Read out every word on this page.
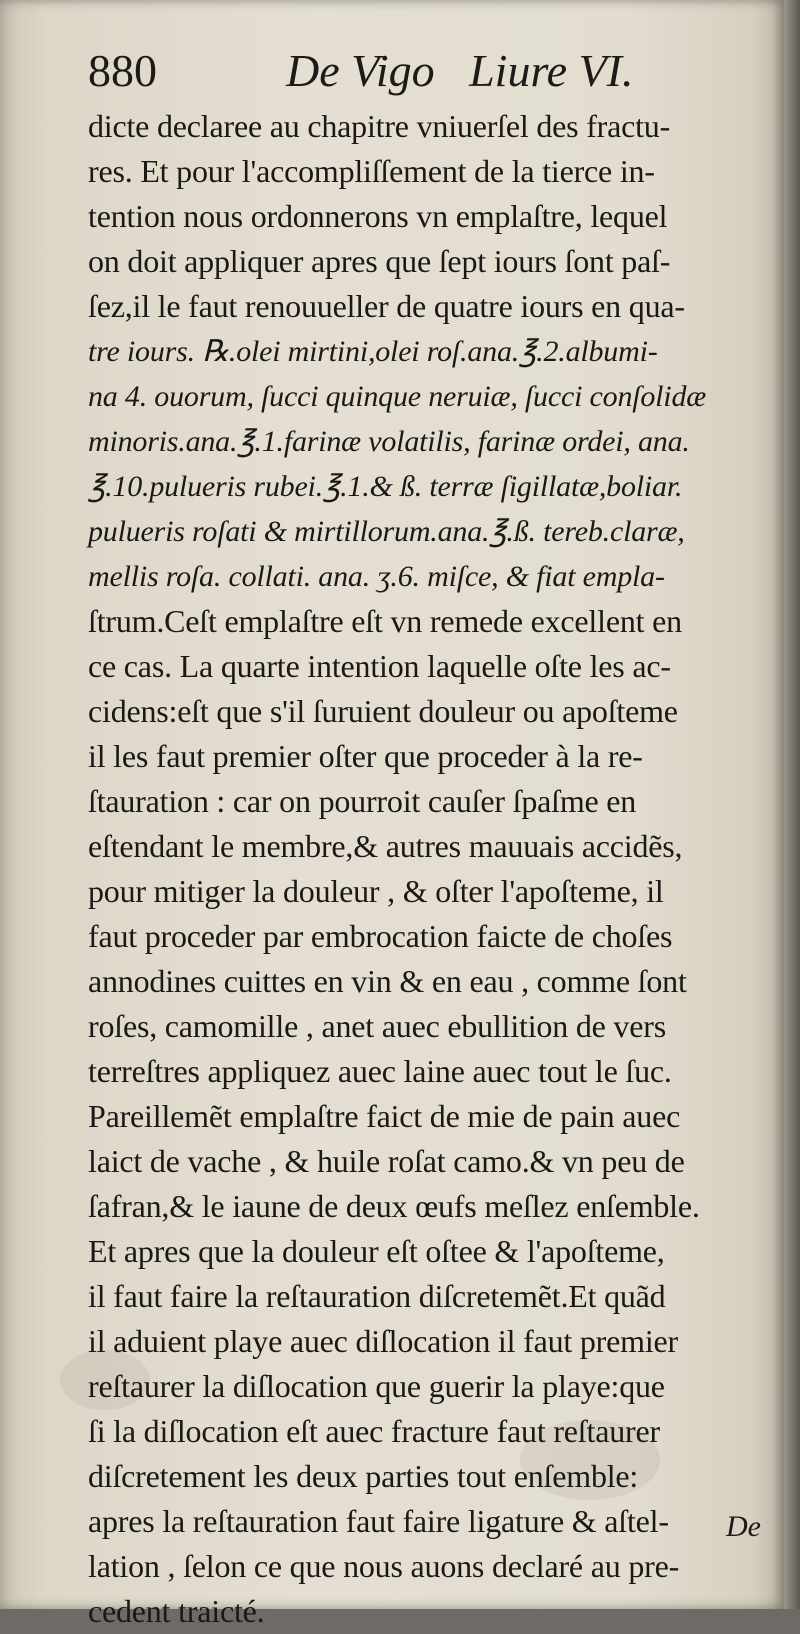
880	De Vigo   Liure VI.
dicte declaree au chapitre vniuerſel des fractu-
res. Et pour l'accompliſſement de la tierce in-
tention nous ordonnerons vn emplaſtre, lequel
on doit appliquer apres que ſept iours ſont paſ-
ſez,il le faut renouueller de quatre iours en qua-
tre iours. ℞.olei mirtini,olei roſ.ana.℥.2.albumi-
na 4. ouorum, ſucci quinque neruiæ, ſucci conſolidæ
minoris.ana.℥.1.farinæ volatilis, farinæ ordei, ana.
℥.10.pulueris rubei.℥.1.& ß. terræ ſigillatæ,boliar.
pulueris roſati & mirtillorum.ana.℥.ß. tereb.claræ,
mellis roſa. collati. ana. ʒ.6. miſce, & fiat empla-
ſtrum.Ceſt emplaſtre eſt vn remede excellent en
ce cas. La quarte intention laquelle oſte les ac-
cidens:eſt que s'il ſuruient douleur ou apoſteme
il les faut premier oſter que proceder à la re-
ſtauration : car on pourroit cauſer ſpaſme en
eſtendant le membre,& autres mauuais accidẽs,
pour mitiger la douleur , & oſter l'apoſteme, il
faut proceder par embrocation faicte de choſes
annodines cuittes en vin & en eau , comme ſont
roſes, camomille , anet auec ebullition de vers
terreſtres appliquez auec laine auec tout le ſuc.
Pareillemẽt emplaſtre faict de mie de pain auec
laict de vache , & huile roſat camo.& vn peu de
ſafran,& le iaune de deux œufs meſlez enſemble.
Et apres que la douleur eſt oſtee & l'apoſteme,
il faut faire la reſtauration diſcretemẽt.Et quãd
il aduient playe auec diſlocation il faut premier
reſtaurer la diſlocation que guerir la playe:que
ſi la diſlocation eſt auec fracture faut reſtaurer
diſcretement les deux parties tout enſemble:
apres la reſtauration faut faire ligature & aſtel-
lation , ſelon ce que nous auons declaré au pre-
cedent traicté.
De
